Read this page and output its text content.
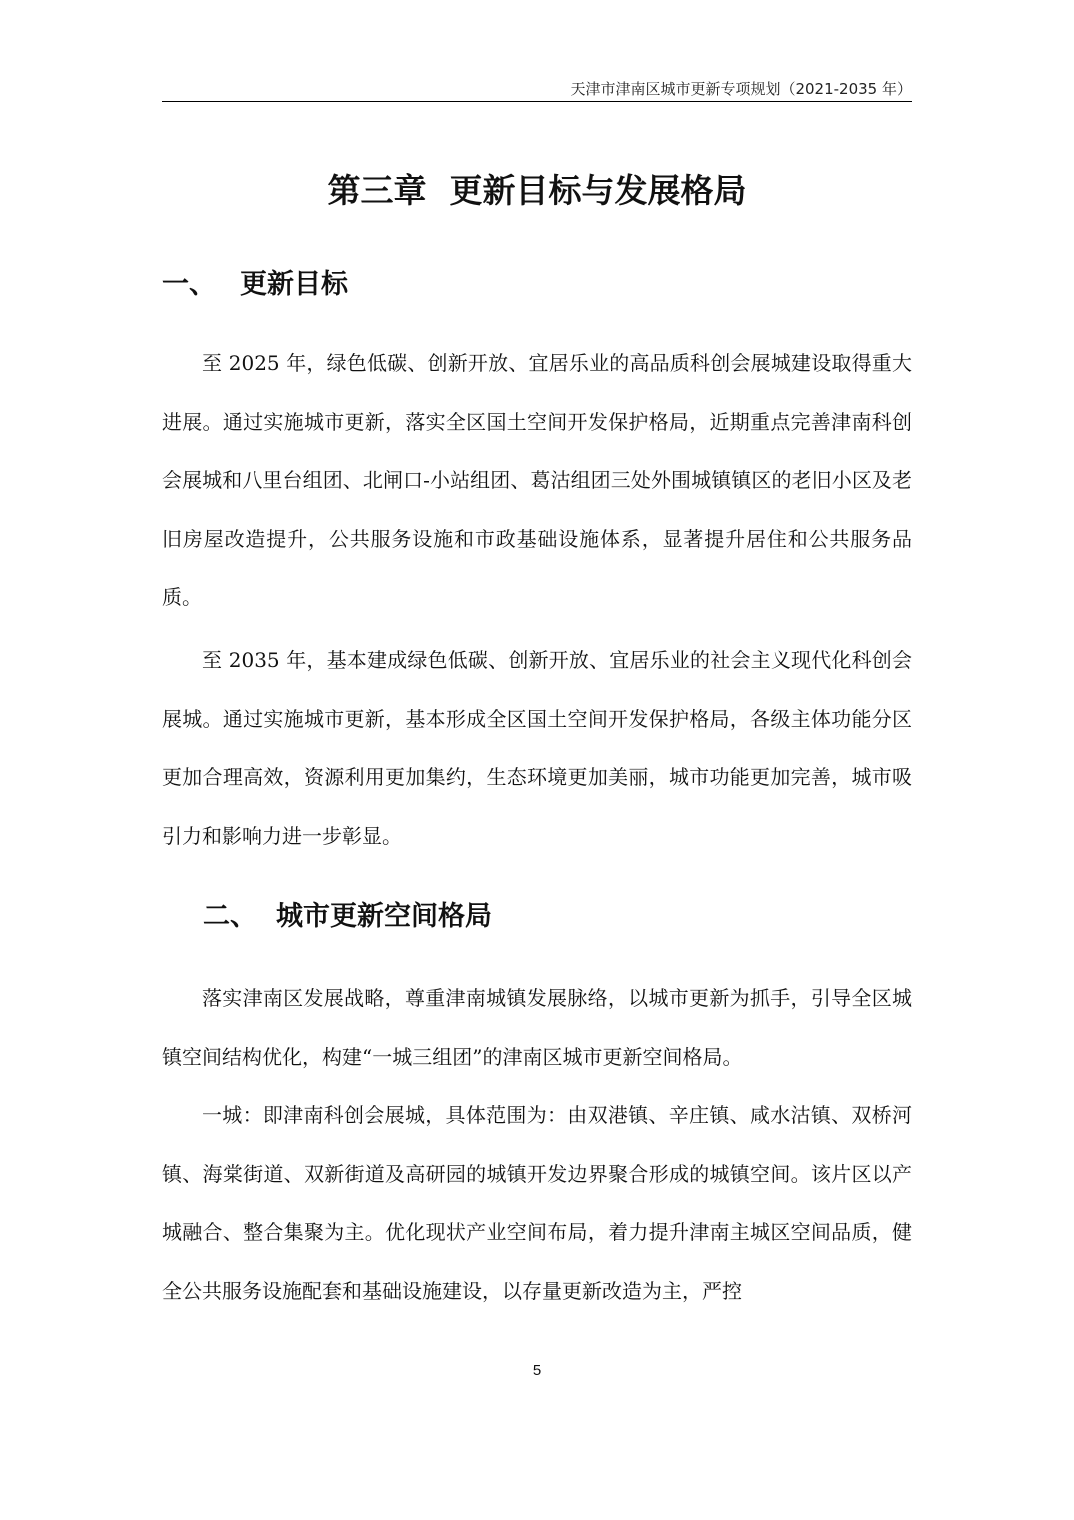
天津市津南区城市更新专项规划（2021-2035 年）
第三章  更新目标与发展格局
一、 更新目标

至 2025 年，绿色低碳、创新开放、宜居乐业的高品质科创会展城建设取得重大进展。通过实施城市更新，落实全区国土空间开发保护格局，近期重点完善津南科创会展城和八里台组团、北闸口-小站组团、葛沽组团三处外围城镇镇区的老旧小区及老旧房屋改造提升，公共服务设施和市政基础设施体系，显著提升居住和公共服务品质。

至 2035 年，基本建成绿色低碳、创新开放、宜居乐业的社会主义现代化科创会展城。通过实施城市更新，基本形成全区国土空间开发保护格局，各级主体功能分区更加合理高效，资源利用更加集约，生态环境更加美丽，城市功能更加完善，城市吸引力和影响力进一步彰显。

二、 城市更新空间格局

落实津南区发展战略，尊重津南城镇发展脉络，以城市更新为抓手，引导全区城镇空间结构优化，构建“一城三组团”的津南区城市更新空间格局。

一城：即津南科创会展城，具体范围为：由双港镇、辛庄镇、咸水沽镇、双桥河镇、海棠街道、双新街道及高研园的城镇开发边界聚合形成的城镇空间。该片区以产城融合、整合集聚为主。优化现状产业空间布局，着力提升津南主城区空间品质，健全公共服务设施配套和基础设施建设，以存量更新改造为主，严控

5
